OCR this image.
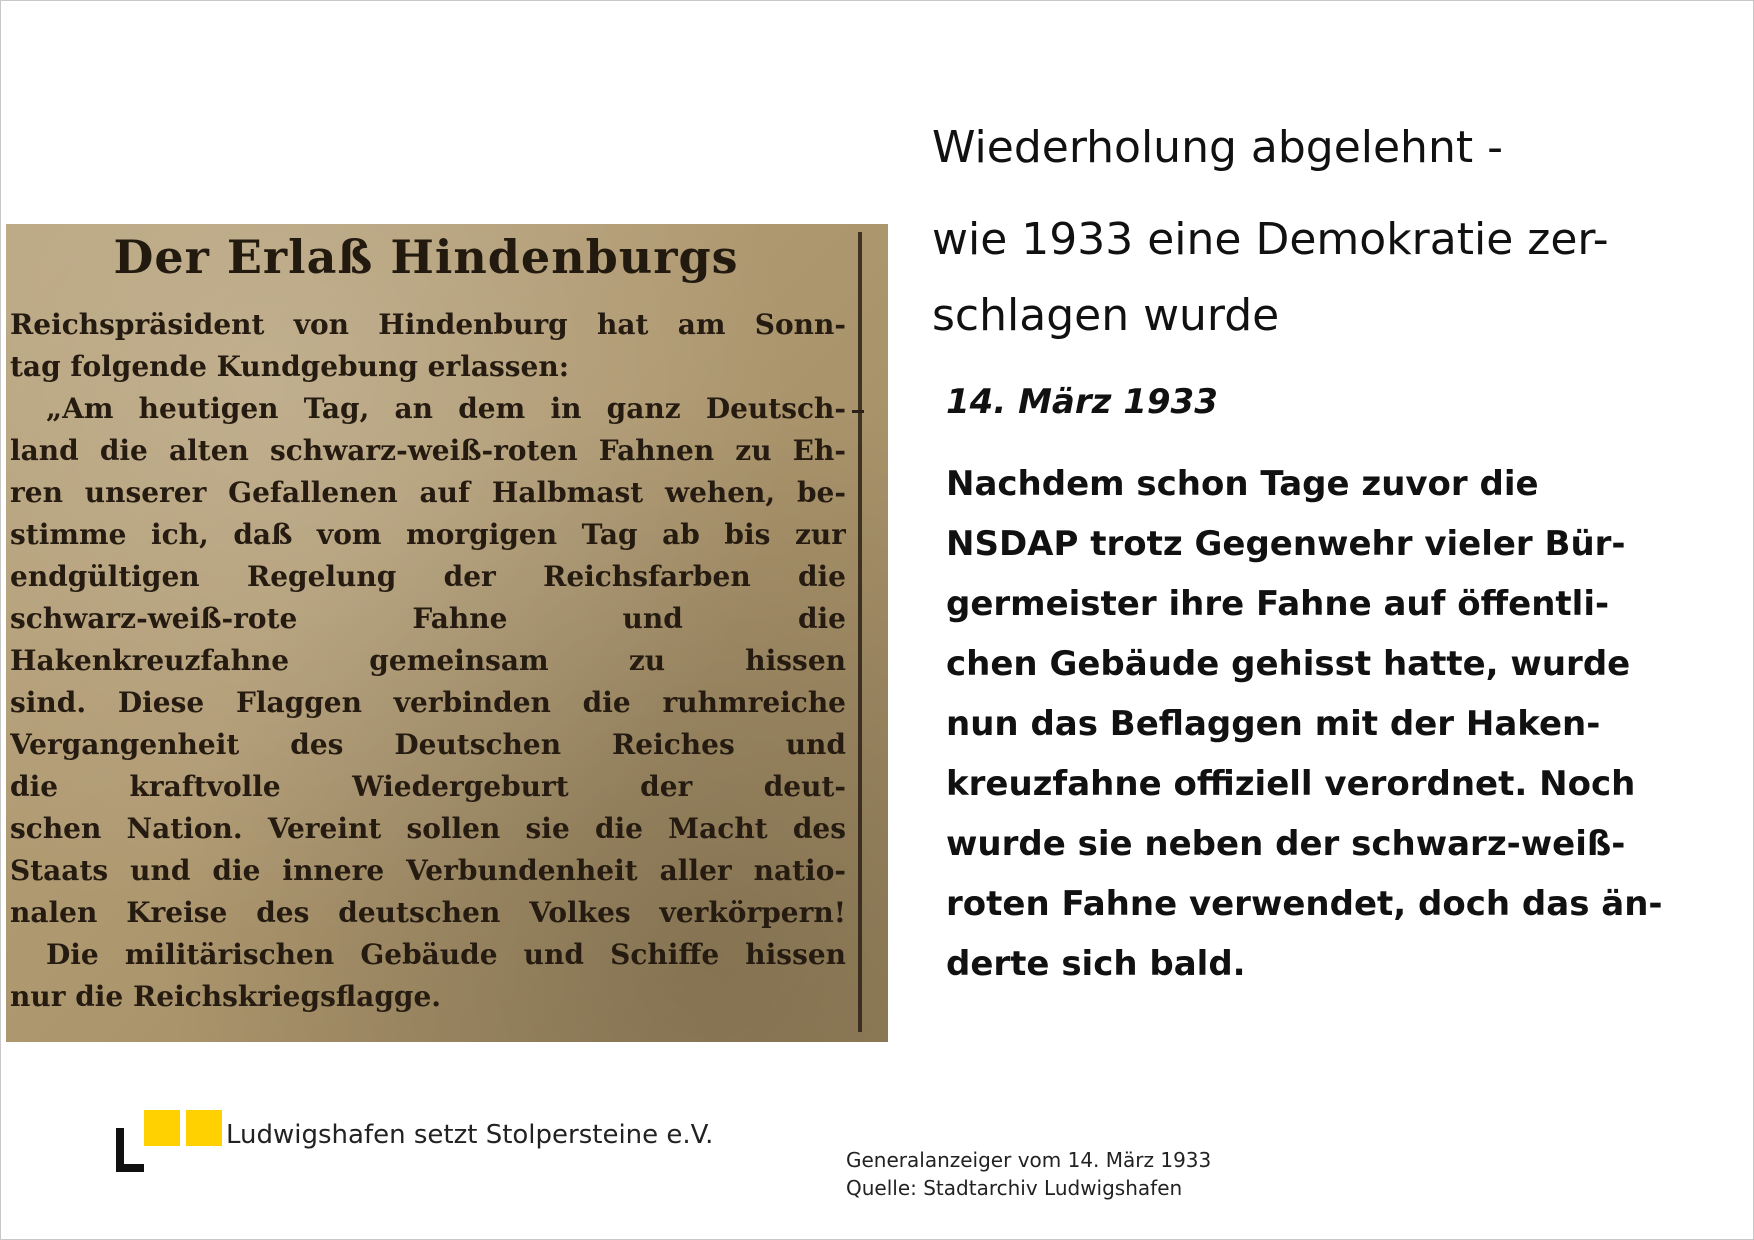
Der Erlaß Hindenburgs
Reichspräsident von Hindenburg hat am Sonn-
tag folgende Kundgebung erlassen:
„Am heutigen Tag, an dem in ganz Deutsch-
land die alten schwarz-weiß-roten Fahnen zu Eh-
ren unserer Gefallenen auf Halbmast wehen, be-
stimme ich, daß vom morgigen Tag ab bis zur
endgültigen Regelung der Reichsfarben die
schwarz-weiß-rote Fahne und die
Hakenkreuzfahne gemeinsam zu hissen
sind. Diese Flaggen verbinden die ruhmreiche
Vergangenheit des Deutschen Reiches und
die kraftvolle Wiedergeburt der deut-
schen Nation. Vereint sollen sie die Macht des
Staats und die innere Verbundenheit aller natio-
nalen Kreise des deutschen Volkes verkörpern!
Die militärischen Gebäude und Schiffe hissen
nur die Reichskriegsflagge.
Wiederholung abgelehnt -
wie 1933 eine Demokratie zer-
schlagen wurde

14. März 1933

Nachdem schon Tage zuvor die
NSDAP trotz Gegenwehr vieler Bür-
germeister ihre Fahne auf öffentli-
chen Gebäude gehisst hatte, wurde
nun das Beflaggen mit der Haken-
kreuzfahne offiziell verordnet. Noch
wurde sie neben der schwarz-weiß-
roten Fahne verwendet, doch das än-
derte sich bald.

Ludwigshafen setzt Stolpersteine e.V.

Generalanzeiger vom 14. März 1933
Quelle: Stadtarchiv Ludwigshafen
